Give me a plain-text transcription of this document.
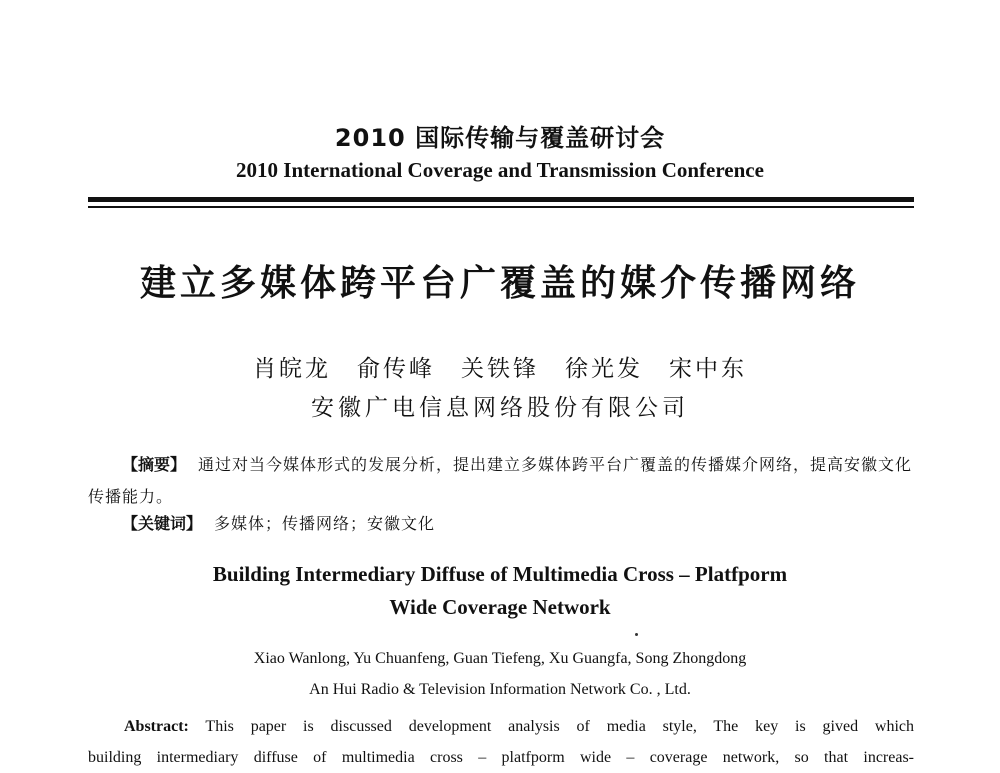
2010 国际传输与覆盖研讨会
2010 International Coverage and Transmission Conference
建立多媒体跨平台广覆盖的媒介传播网络
肖皖龙　俞传峰　关铁锋　徐光发　宋中东
安徽广电信息网络股份有限公司
【摘要】 通过对当今媒体形式的发展分析，提出建立多媒体跨平台广覆盖的传播媒介网络，提高安徽文化传播能力。
【关键词】 多媒体；传播网络；安徽文化
Building Intermediary Diffuse of Multimedia Cross – Platfporm
Wide Coverage Network
Xiao Wanlong, Yu Chuanfeng, Guan Tiefeng, Xu Guangfa, Song Zhongdong
An Hui Radio & Television Information Network Co. , Ltd.
Abstract: This paper is discussed development analysis of media style, The key is gived which
building intermediary diffuse of multimedia cross – platfporm wide – coverage network, so that increas-
